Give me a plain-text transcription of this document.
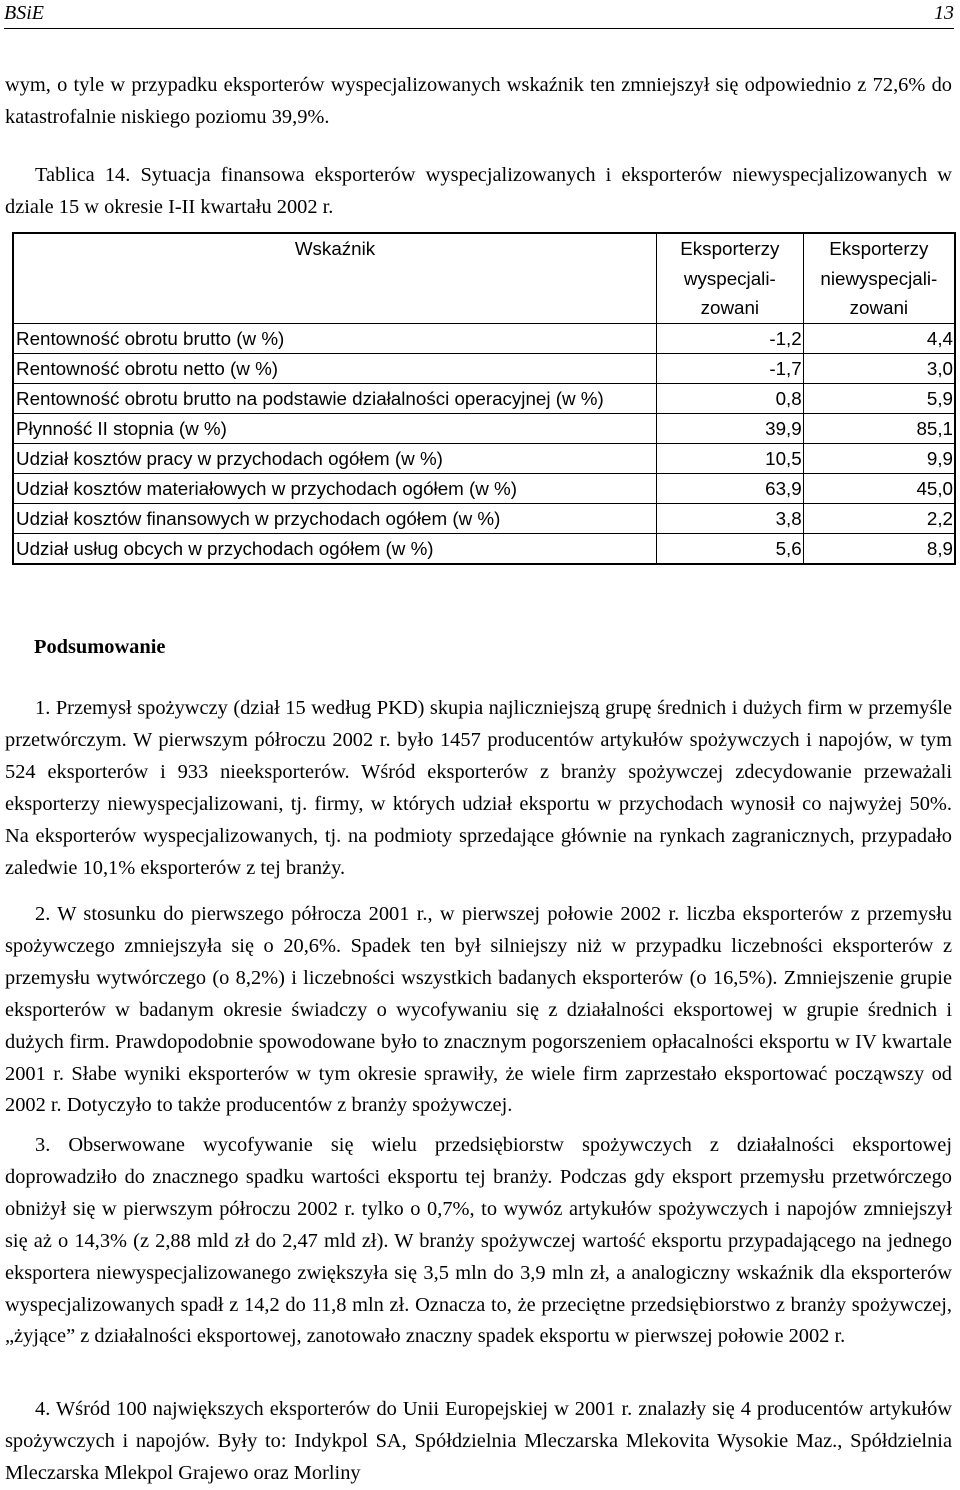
BSiE	13

wym, o tyle w przypadku eksporterów wyspecjalizowanych wskaźnik ten zmniejszył się odpowiednio z 72,6% do katastrofalnie niskiego poziomu 39,9%.

Tablica 14. Sytuacja finansowa eksporterów wyspecjalizowanych i eksporterów niewyspecjalizowanych w dziale 15 w okresie I-II kwartału 2002 r.

Wskaźnik	Eksporterzy wyspecjalizowani	Eksporterzy niewyspecjalizowani
Rentowność obrotu brutto (w %)	-1,2	4,4
Rentowność obrotu netto (w %)	-1,7	3,0
Rentowność obrotu brutto na podstawie działalności operacyjnej (w %)	0,8	5,9
Płynność II stopnia (w %)	39,9	85,1
Udział kosztów pracy w przychodach ogółem (w %)	10,5	9,9
Udział kosztów materiałowych w przychodach ogółem (w %)	63,9	45,0
Udział kosztów finansowych w przychodach ogółem (w %)	3,8	2,2
Udział usług obcych w przychodach ogółem (w %)	5,6	8,9
Podsumowanie

1. Przemysł spożywczy (dział 15 według PKD) skupia najliczniejszą grupę średnich i dużych firm w przemyśle przetwórczym. W pierwszym półroczu 2002 r. było 1457 producentów artykułów spożywczych i napojów, w tym 524 eksporterów i 933 nieeksporterów. Wśród eksporterów z branży spożywczej zdecydowanie przeważali eksporterzy niewyspecjalizowani, tj. firmy, w których udział eksportu w przychodach wynosił co najwyżej 50%. Na eksporterów wyspecjalizowanych, tj. na podmioty sprzedające głównie na rynkach zagranicznych, przypadało zaledwie 10,1% eksporterów z tej branży.

2. W stosunku do pierwszego półrocza 2001 r., w pierwszej połowie 2002 r. liczba eksporterów z przemysłu spożywczego zmniejszyła się o 20,6%. Spadek ten był silniejszy niż w przypadku liczebności eksporterów z przemysłu wytwórczego (o 8,2%) i liczebności wszystkich badanych eksporterów (o 16,5%). Zmniejszenie grupie eksporterów w badanym okresie świadczy o wycofywaniu się z działalności eksportowej w grupie średnich i dużych firm. Prawdopodobnie spowodowane było to znacznym pogorszeniem opłacalności eksportu w IV kwartale 2001 r. Słabe wyniki eksporterów w tym okresie sprawiły, że wiele firm zaprzestało eksportować począwszy od 2002 r. Dotyczyło to także producentów z branży spożywczej.

3. Obserwowane wycofywanie się wielu przedsiębiorstw spożywczych z działalności eksportowej doprowadziło do znacznego spadku wartości eksportu tej branży. Podczas gdy eksport przemysłu przetwórczego obniżył się w pierwszym półroczu 2002 r. tylko o 0,7%, to wywóz artykułów spożywczych i napojów zmniejszył się aż o 14,3% (z 2,88 mld zł do 2,47 mld zł). W branży spożywczej wartość eksportu przypadającego na jednego eksportera niewyspecjalizowanego zwiększyła się 3,5 mln do 3,9 mln zł, a analogiczny wskaźnik dla eksporterów wyspecjalizowanych spadł z 14,2 do 11,8 mln zł. Oznacza to, że przeciętne przedsiębiorstwo z branży spożywczej, „żyjące” z działalności eksportowej, zanotowało znaczny spadek eksportu w pierwszej połowie 2002 r.

4. Wśród 100 największych eksporterów do Unii Europejskiej w 2001 r. znalazły się 4 producentów artykułów spożywczych i napojów. Były to: Indykpol SA, Spółdzielnia Mleczarska Mlekovita Wysokie Maz., Spółdzielnia Mleczarska Mlekpol Grajewo oraz Morliny
